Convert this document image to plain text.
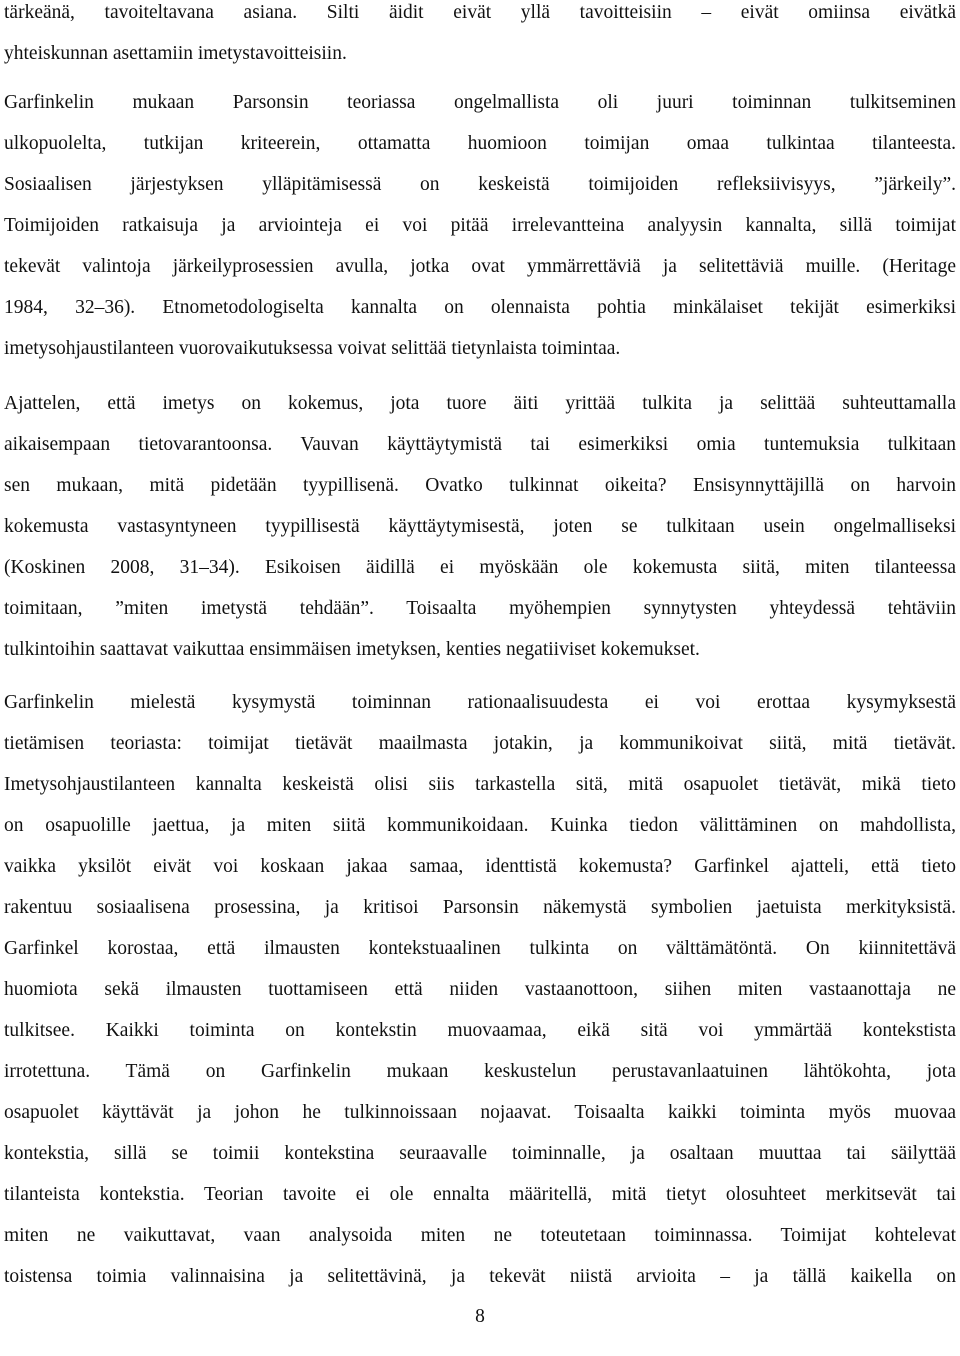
tärkeänä, tavoiteltavana asiana. Silti äidit eivät yllä tavoitteisiin – eivät omiinsa eivätkä
yhteiskunnan asettamiin imetystavoitteisiin.
Garfinkelin mukaan Parsonsin teoriassa ongelmallista oli juuri toiminnan tulkitseminen
ulkopuolelta, tutkijan kriteerein, ottamatta huomioon toimijan omaa tulkintaa tilanteesta.
Sosiaalisen järjestyksen ylläpitämisessä on keskeistä toimijoiden refleksiivisyys, ”järkeily”.
Toimijoiden ratkaisuja ja arviointeja ei voi pitää irrelevantteina analyysin kannalta, sillä toimijat
tekevät valintoja järkeilyprosessien avulla, jotka ovat ymmärrettäviä ja selitettäviä muille. (Heritage
1984, 32–36). Etnometodologiselta kannalta on olennaista pohtia minkälaiset tekijät esimerkiksi
imetysohjaustilanteen vuorovaikutuksessa voivat selittää tietynlaista toimintaa.
Ajattelen, että imetys on kokemus, jota tuore äiti yrittää tulkita ja selittää suhteuttamalla
aikaisempaan tietovarantoonsa. Vauvan käyttäytymistä tai esimerkiksi omia tuntemuksia tulkitaan
sen mukaan, mitä pidetään tyypillisenä. Ovatko tulkinnat oikeita? Ensisynnyttäjillä on harvoin
kokemusta vastasyntyneen tyypillisestä käyttäytymisestä, joten se tulkitaan usein ongelmalliseksi
(Koskinen 2008, 31–34). Esikoisen äidillä ei myöskään ole kokemusta siitä, miten tilanteessa
toimitaan, ”miten imetystä tehdään”. Toisaalta myöhempien synnytysten yhteydessä tehtäviin
tulkintoihin saattavat vaikuttaa ensimmäisen imetyksen, kenties negatiiviset kokemukset.
Garfinkelin mielestä kysymystä toiminnan rationaalisuudesta ei voi erottaa kysymyksestä
tietämisen teoriasta: toimijat tietävät maailmasta jotakin, ja kommunikoivat siitä, mitä tietävät.
Imetysohjaustilanteen kannalta keskeistä olisi siis tarkastella sitä, mitä osapuolet tietävät, mikä tieto
on osapuolille jaettua, ja miten siitä kommunikoidaan. Kuinka tiedon välittäminen on mahdollista,
vaikka yksilöt eivät voi koskaan jakaa samaa, identtistä kokemusta? Garfinkel ajatteli, että tieto
rakentuu sosiaalisena prosessina, ja kritisoi Parsonsin näkemystä symbolien jaetuista merkityksistä.
Garfinkel korostaa, että ilmausten kontekstuaalinen tulkinta on välttämätöntä. On kiinnitettävä
huomiota sekä ilmausten tuottamiseen että niiden vastaanottoon, siihen miten vastaanottaja ne
tulkitsee. Kaikki toiminta on kontekstin muovaamaa, eikä sitä voi ymmärtää kontekstista
irrotettuna. Tämä on Garfinkelin mukaan keskustelun perustavanlaatuinen lähtökohta, jota
osapuolet käyttävät ja johon he tulkinnoissaan nojaavat. Toisaalta kaikki toiminta myös muovaa
kontekstia, sillä se toimii kontekstina seuraavalle toiminnalle, ja osaltaan muuttaa tai säilyttää
tilanteista kontekstia. Teorian tavoite ei ole ennalta määritellä, mitä tietyt olosuhteet merkitsevät tai
miten ne vaikuttavat, vaan analysoida miten ne toteutetaan toiminnassa. Toimijat kohtelevat
toistensa toimia valinnaisina ja selitettävinä, ja tekevät niistä arvioita – ja tällä kaikella on
8
